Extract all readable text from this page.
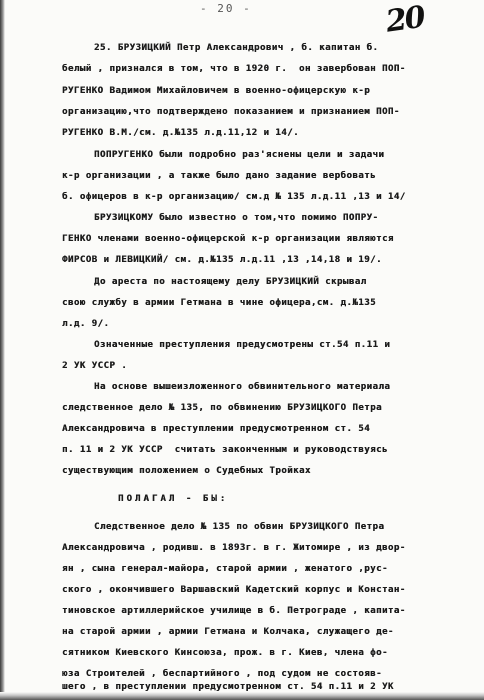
- 20 -	20
25. БРУЗИЦКИЙ Петр Александрович , б. капитан б.
белый , признался в том, что в 1920 г.  он завербован ПОП-
РУГЕНКО Вадимом Михайловичем в военно-офицерскую к-р
организацию,что подтверждено показанием и признанием ПОП-
РУГЕНКО В.М./см. д.№135 л.д.11,12 и 14/.
ПОПРУГЕНКО были подробно раз'яснены цели и задачи
к-р организации , а также было дано задание вербовать
б. офицеров в к-р организацию/ см.д № 135 л.д.11 ,13 и 14/
БРУЗИЦКОМУ было известно о том,что помимо ПОПРУ-
ГЕНКО членами военно-офицерской к-р организации являются
ФИРСОВ и ЛЕВИЦКИЙ/ см. д.№135 л.д.11 ,13 ,14,18 и 19/.
До ареста по настоящему делу БРУЗИЦКИЙ скрывал
свою службу в армии Гетмана в чине офицера,см. д.№135
л.д. 9/.
Означенные преступления предусмотрены ст.54 п.11 и
2 УК УССР .
На основе вышеизложенного обвинительного материала
следственное дело № 135, по обвинению БРУЗИЦКОГО Петра
Александровича в преступлении предусмотренном ст. 54
п. 11 и 2 УК УССР  считать законченным и руководствуясь
существующим положением о Судебных Тройках
ПОЛАГАЛ - БЫ:
Следственное дело № 135 по обвин БРУЗИЦКОГО Петра
Александровича , родивш. в 1893г. в г. Житомире , из двор-
ян , сына генерал-майора, старой армии , женатого ,рус-
ского , окончившего Варшавский Кадетский корпус и Констан-
тиновское артиллерийское училище в б. Петрограде , капита-
на старой армии , армии Гетмана и Колчака, служащего де-
сятником Киевского Кинсоюза, прож. в г. Киев, члена фо-
юза Строителей , беспартийного , под судом не состояв-
шего , в преступлении предусмотренном ст. 54 п.11 и 2 УК
